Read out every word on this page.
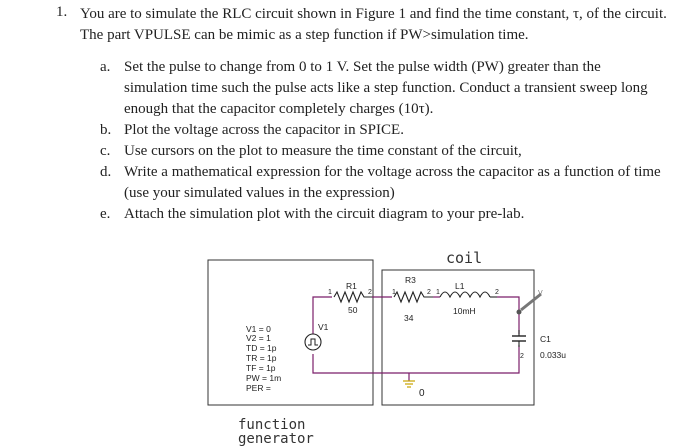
1. You are to simulate the RLC circuit shown in Figure 1 and find the time constant, τ, of the circuit. The part VPULSE can be mimic as a step function if PW>simulation time.
a. Set the pulse to change from 0 to 1 V. Set the pulse width (PW) greater than the simulation time such the pulse acts like a step function. Conduct a transient sweep long enough that the capacitor completely charges (10τ).
b. Plot the voltage across the capacitor in SPICE.
c. Use cursors on the plot to measure the time constant of the circuit,
d. Write a mathematical expression for the voltage across the capacitor as a function of time (use your simulated values in the expression)
e. Attach the simulation plot with the circuit diagram to your pre-lab.
coil
function
generator
R1
50
1	2
R3
34
1	2
L1
10mH
1	2
C1
0.033u
2
V1
0
V
V1 = 0
V2 = 1
TD = 1p
TR = 1p
TF = 1p
PW = 1m
PER =
